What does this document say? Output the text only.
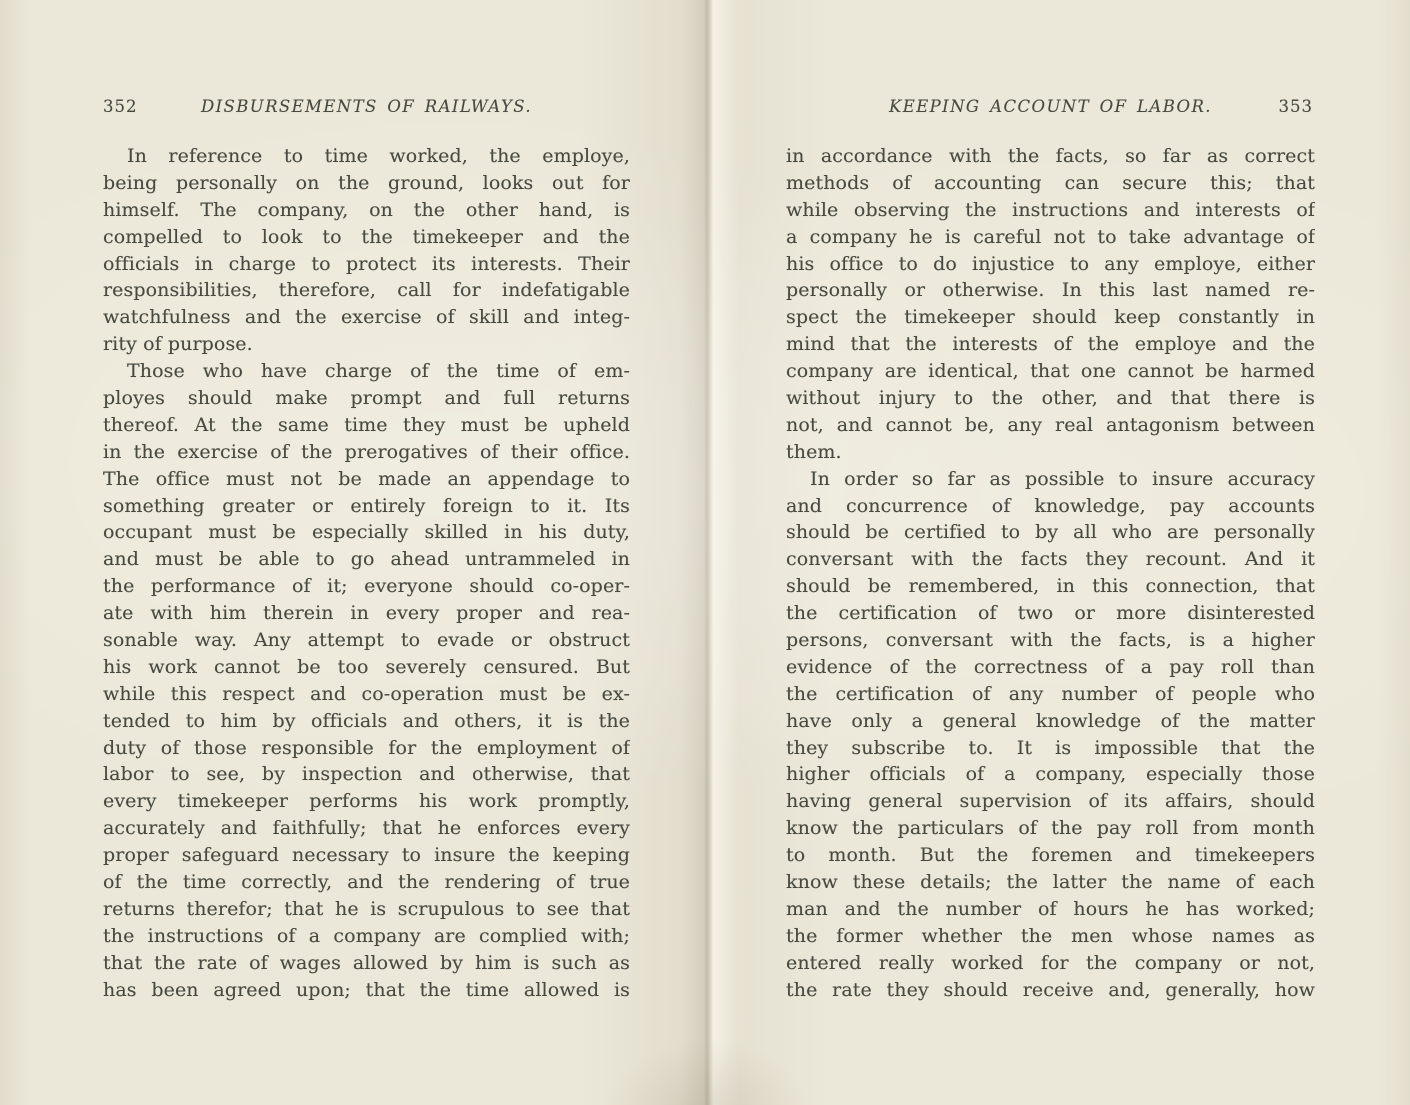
352	DISBURSEMENTS OF RAILWAYS.
In reference to time worked, the employe,
being personally on the ground, looks out for
himself. The company, on the other hand, is
compelled to look to the timekeeper and the
officials in charge to protect its interests. Their
responsibilities, therefore, call for indefatigable
watchfulness and the exercise of skill and integ-
rity of purpose.
Those who have charge of the time of em-
ployes should make prompt and full returns
thereof. At the same time they must be upheld
in the exercise of the prerogatives of their office.
The office must not be made an appendage to
something greater or entirely foreign to it. Its
occupant must be especially skilled in his duty,
and must be able to go ahead untrammeled in
the performance of it; everyone should co-oper-
ate with him therein in every proper and rea-
sonable way. Any attempt to evade or obstruct
his work cannot be too severely censured. But
while this respect and co-operation must be ex-
tended to him by officials and others, it is the
duty of those responsible for the employment of
labor to see, by inspection and otherwise, that
every timekeeper performs his work promptly,
accurately and faithfully; that he enforces every
proper safeguard necessary to insure the keeping
of the time correctly, and the rendering of true
returns therefor; that he is scrupulous to see that
the instructions of a company are complied with;
that the rate of wages allowed by him is such as
has been agreed upon; that the time allowed is
KEEPING ACCOUNT OF LABOR.	353
in accordance with the facts, so far as correct
methods of accounting can secure this; that
while observing the instructions and interests of
a company he is careful not to take advantage of
his office to do injustice to any employe, either
personally or otherwise. In this last named re-
spect the timekeeper should keep constantly in
mind that the interests of the employe and the
company are identical, that one cannot be harmed
without injury to the other, and that there is
not, and cannot be, any real antagonism between
them.
In order so far as possible to insure accuracy
and concurrence of knowledge, pay accounts
should be certified to by all who are personally
conversant with the facts they recount. And it
should be remembered, in this connection, that
the certification of two or more disinterested
persons, conversant with the facts, is a higher
evidence of the correctness of a pay roll than
the certification of any number of people who
have only a general knowledge of the matter
they subscribe to. It is impossible that the
higher officials of a company, especially those
having general supervision of its affairs, should
know the particulars of the pay roll from month
to month. But the foremen and timekeepers
know these details; the latter the name of each
man and the number of hours he has worked;
the former whether the men whose names as
entered really worked for the company or not,
the rate they should receive and, generally, how
